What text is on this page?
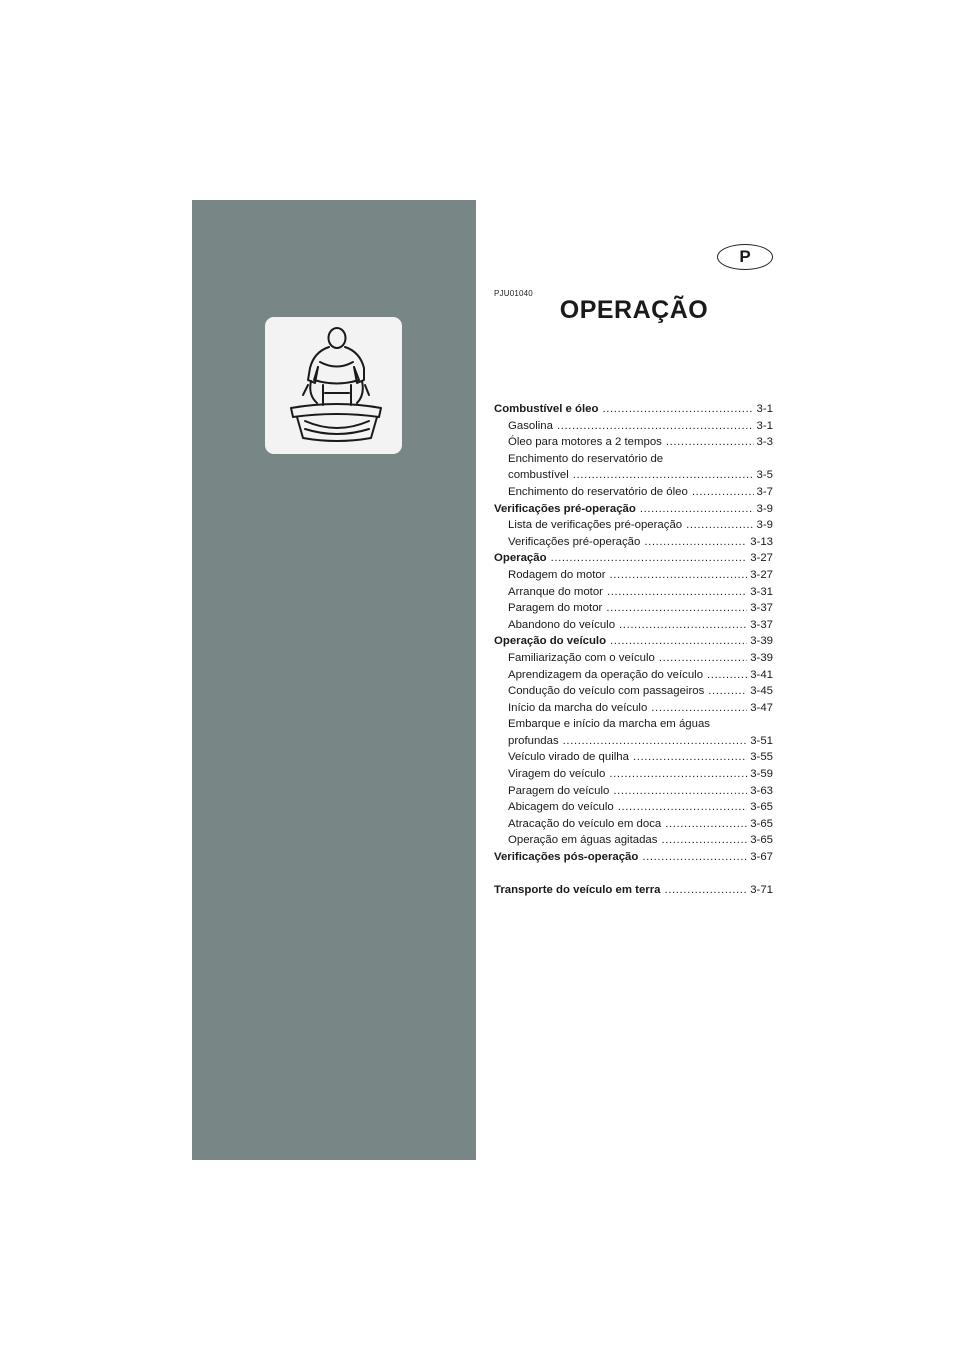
P
PJU01040
OPERAÇÃO
Combustível e óleo .....	3-1
Gasolina .....	3-1
Óleo para motores a 2 tempos .....	3-3
Enchimento do reservatório de
combustível .....	3-5
Enchimento do reservatório de óleo .....	3-7
Verificações pré-operação .....	3-9
Lista de verificações pré-operação .....	3-9
Verificações pré-operação .....	3-13
Operação .....	3-27
Rodagem do motor .....	3-27
Arranque do motor .....	3-31
Paragem do motor .....	3-37
Abandono do veículo .....	3-37
Operação do veículo .....	3-39
Familiarização com o veículo .....	3-39
Aprendizagem da operação do veículo .....	3-41
Condução do veículo com passageiros .....	3-45
Início da marcha do veículo .....	3-47
Embarque e início da marcha em águas
profundas .....	3-51
Veículo virado de quilha .....	3-55
Viragem do veículo .....	3-59
Paragem do veículo .....	3-63
Abicagem do veículo .....	3-65
Atracação do veículo em doca .....	3-65
Operação em águas agitadas .....	3-65
Verificações pós-operação .....	3-67
Transporte do veículo em terra .....	3-71
